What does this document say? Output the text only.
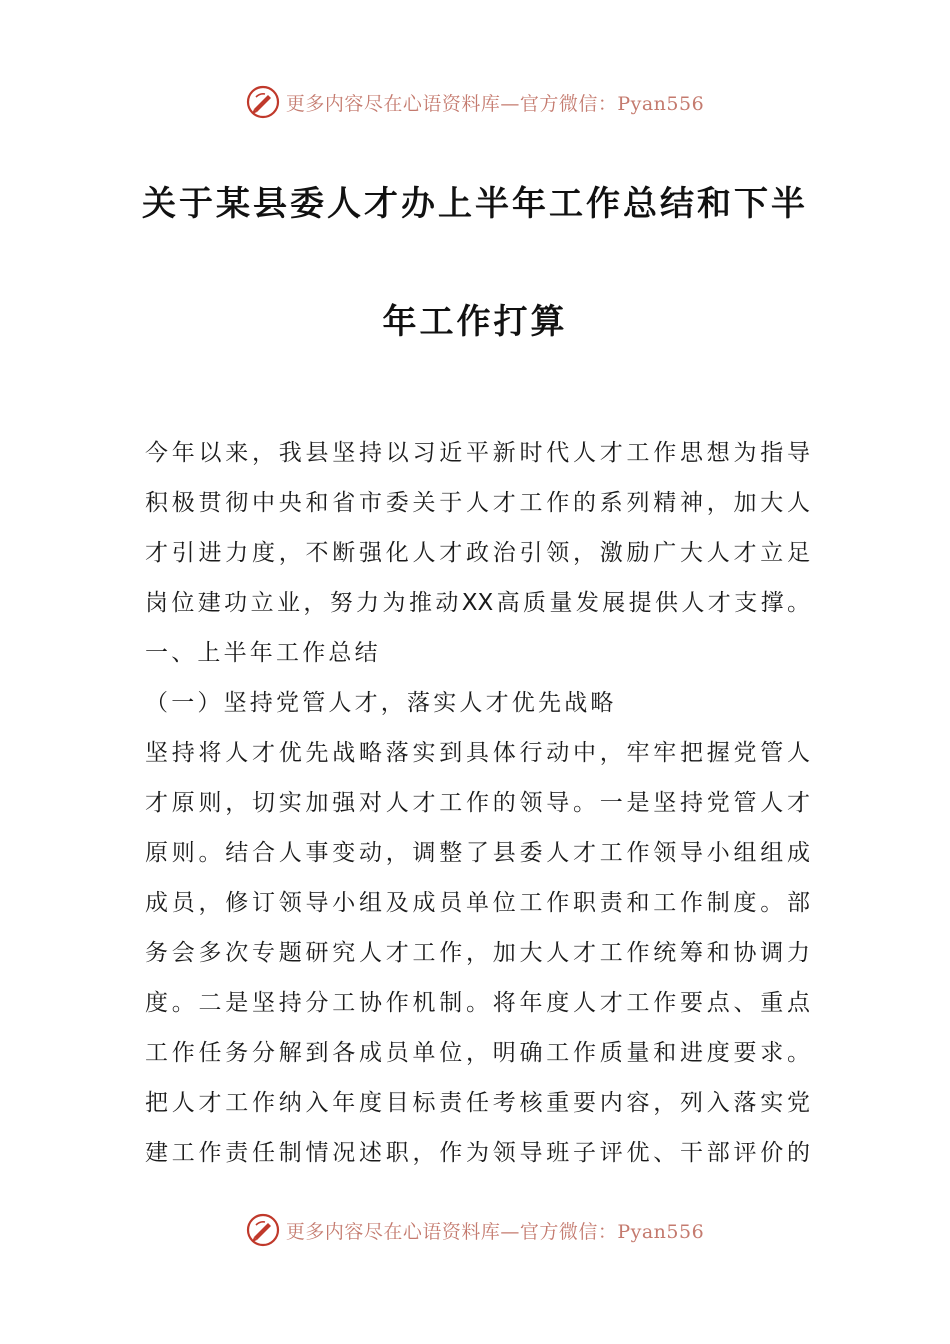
更多内容尽在心语资料库—官方微信：Pyan556
关于某县委人才办上半年工作总结和下半
年工作打算
今年以来，我县坚持以习近平新时代人才工作思想为指导
积极贯彻中央和省市委关于人才工作的系列精神，加大人
才引进力度，不断强化人才政治引领，激励广大人才立足
岗位建功立业，努力为推动XX高质量发展提供人才支撑。
一、上半年工作总结
（一）坚持党管人才，落实人才优先战略
坚持将人才优先战略落实到具体行动中，牢牢把握党管人
才原则，切实加强对人才工作的领导。一是坚持党管人才
原则。结合人事变动，调整了县委人才工作领导小组组成
成员，修订领导小组及成员单位工作职责和工作制度。部
务会多次专题研究人才工作，加大人才工作统筹和协调力
度。二是坚持分工协作机制。将年度人才工作要点、重点
工作任务分解到各成员单位，明确工作质量和进度要求。
把人才工作纳入年度目标责任考核重要内容，列入落实党
建工作责任制情况述职，作为领导班子评优、干部评价的
更多内容尽在心语资料库—官方微信：Pyan556
